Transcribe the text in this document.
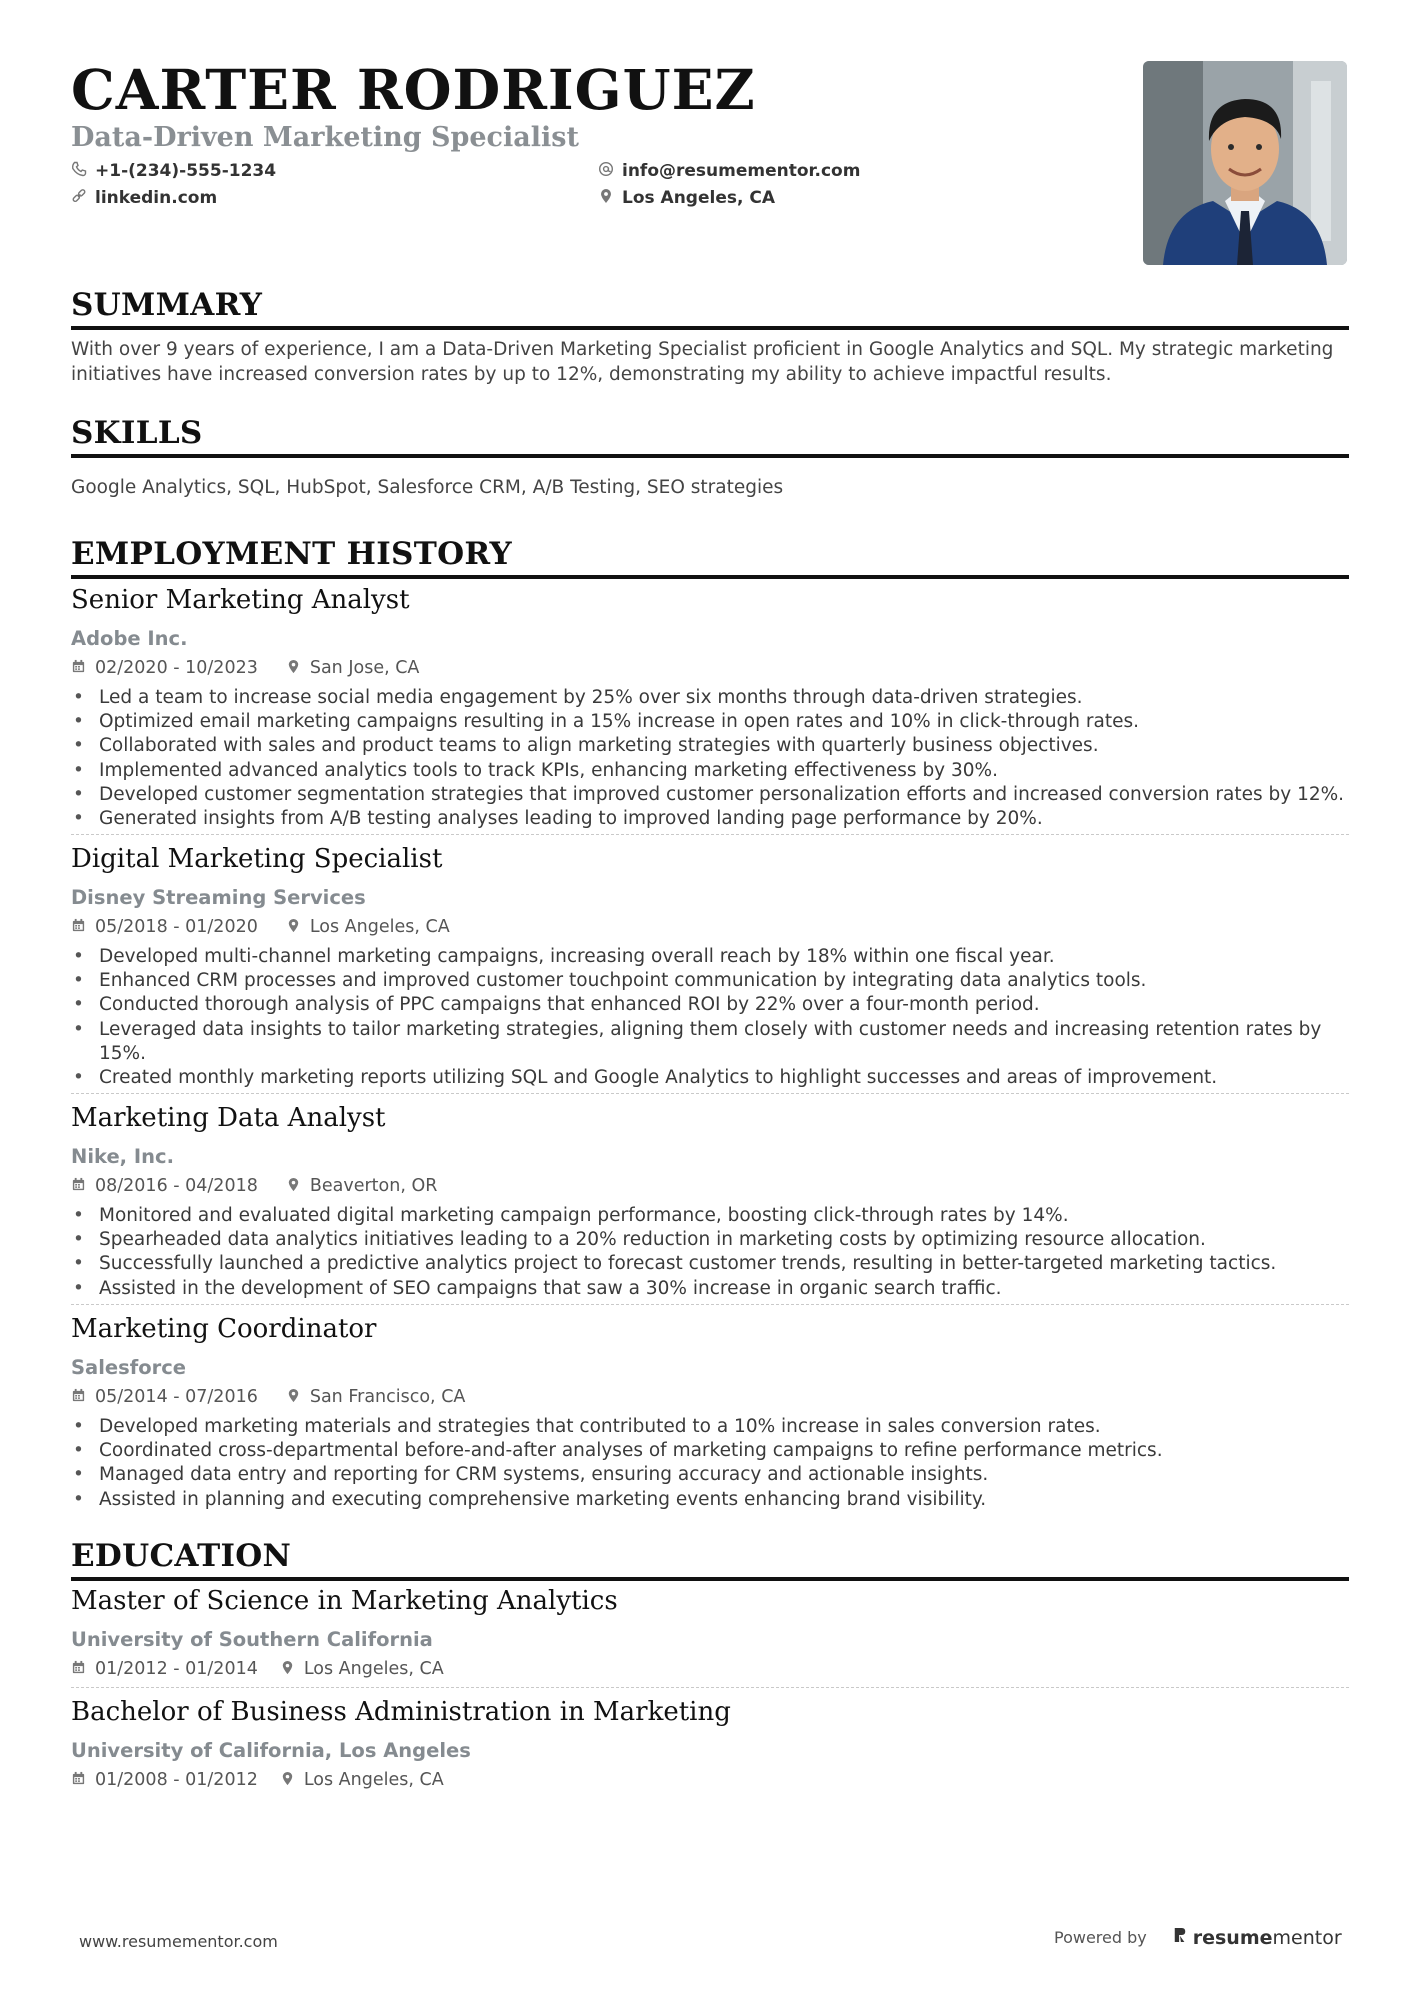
CARTER RODRIGUEZ
Data-Driven Marketing Specialist
+1-(234)-555-1234	info@resumementor.com
linkedin.com	Los Angeles, CA
SUMMARY
With over 9 years of experience, I am a Data-Driven Marketing Specialist proficient in Google Analytics and SQL. My strategic marketing initiatives have increased conversion rates by up to 12%, demonstrating my ability to achieve impactful results.
SKILLS
Google Analytics, SQL, HubSpot, Salesforce CRM, A/B Testing, SEO strategies
EMPLOYMENT HISTORY
Senior Marketing Analyst
Adobe Inc.
02/2020 - 10/2023	San Jose, CA
• Led a team to increase social media engagement by 25% over six months through data-driven strategies.
• Optimized email marketing campaigns resulting in a 15% increase in open rates and 10% in click-through rates.
• Collaborated with sales and product teams to align marketing strategies with quarterly business objectives.
• Implemented advanced analytics tools to track KPIs, enhancing marketing effectiveness by 30%.
• Developed customer segmentation strategies that improved customer personalization efforts and increased conversion rates by 12%.
• Generated insights from A/B testing analyses leading to improved landing page performance by 20%.
Digital Marketing Specialist
Disney Streaming Services
05/2018 - 01/2020	Los Angeles, CA
• Developed multi-channel marketing campaigns, increasing overall reach by 18% within one fiscal year.
• Enhanced CRM processes and improved customer touchpoint communication by integrating data analytics tools.
• Conducted thorough analysis of PPC campaigns that enhanced ROI by 22% over a four-month period.
• Leveraged data insights to tailor marketing strategies, aligning them closely with customer needs and increasing retention rates by 15%.
• Created monthly marketing reports utilizing SQL and Google Analytics to highlight successes and areas of improvement.
Marketing Data Analyst
Nike, Inc.
08/2016 - 04/2018	Beaverton, OR
• Monitored and evaluated digital marketing campaign performance, boosting click-through rates by 14%.
• Spearheaded data analytics initiatives leading to a 20% reduction in marketing costs by optimizing resource allocation.
• Successfully launched a predictive analytics project to forecast customer trends, resulting in better-targeted marketing tactics.
• Assisted in the development of SEO campaigns that saw a 30% increase in organic search traffic.
Marketing Coordinator
Salesforce
05/2014 - 07/2016	San Francisco, CA
• Developed marketing materials and strategies that contributed to a 10% increase in sales conversion rates.
• Coordinated cross-departmental before-and-after analyses of marketing campaigns to refine performance metrics.
• Managed data entry and reporting for CRM systems, ensuring accuracy and actionable insights.
• Assisted in planning and executing comprehensive marketing events enhancing brand visibility.
EDUCATION
Master of Science in Marketing Analytics
University of Southern California
01/2012 - 01/2014	Los Angeles, CA
Bachelor of Business Administration in Marketing
University of California, Los Angeles
01/2008 - 01/2012	Los Angeles, CA
www.resumementor.com	Powered by resumementor
